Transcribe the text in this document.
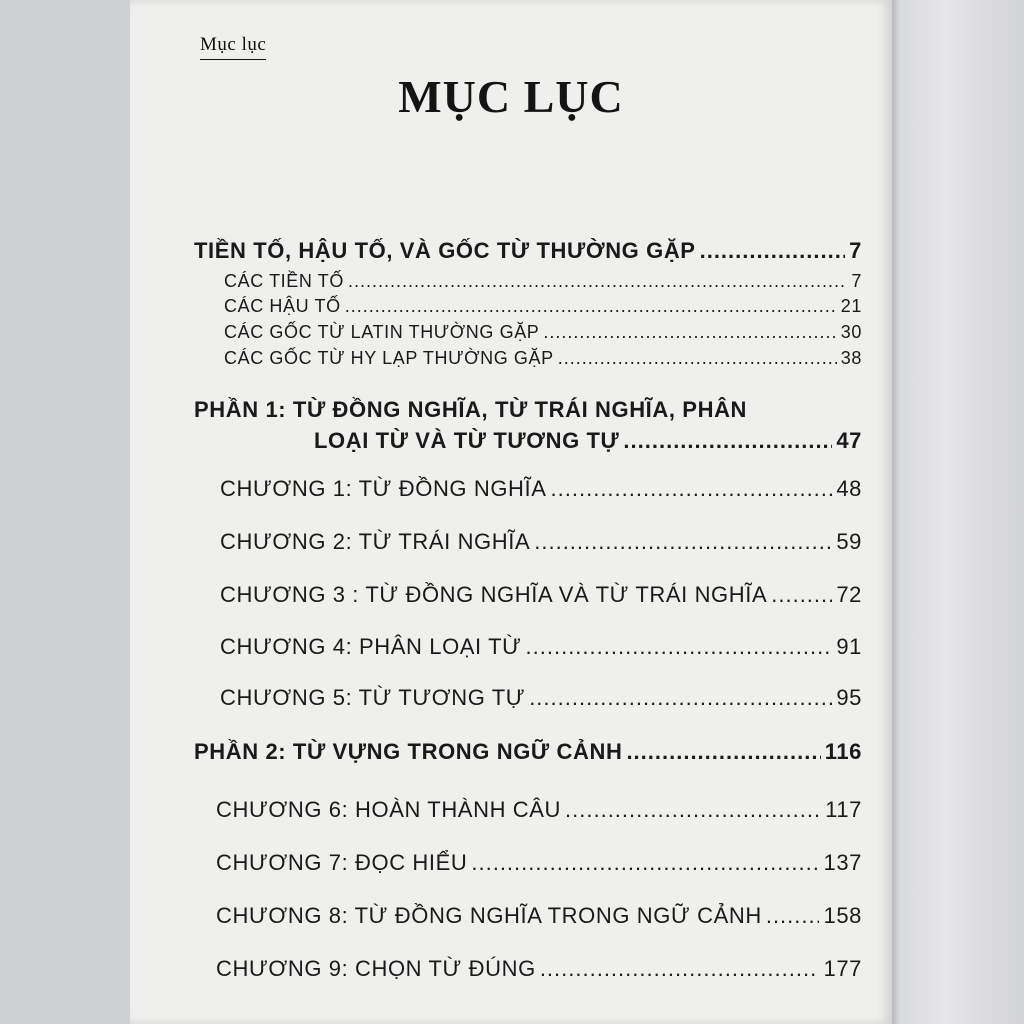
Mục lục
MỤC LỤC
TIỀN TỐ, HẬU TỐ, VÀ GỐC TỪ THƯỜNG GẶP .....	7
CÁC TIỀN TỐ .....	7
CÁC HẬU TỐ .....	21
CÁC GỐC TỪ LATIN THƯỜNG GẶP .....	30
CÁC GỐC TỪ HY LẠP THƯỜNG GẶP .....	38
PHẦN 1: TỪ ĐỒNG NGHĨA, TỪ TRÁI NGHĨA, PHÂN
LOẠI TỪ VÀ TỪ TƯƠNG TỰ .....	47
CHƯƠNG 1: TỪ ĐỒNG NGHĨA .....	48
CHƯƠNG 2: TỪ TRÁI NGHĨA .....	59
CHƯƠNG 3 : TỪ ĐỒNG NGHĨA VÀ TỪ TRÁI NGHĨA .....	72
CHƯƠNG 4: PHÂN LOẠI TỪ .....	91
CHƯƠNG 5: TỪ TƯƠNG TỰ .....	95
PHẦN 2: TỪ VỰNG TRONG NGỮ CẢNH .....	116
CHƯƠNG 6: HOÀN THÀNH CÂU .....	117
CHƯƠNG 7: ĐỌC HIỂU .....	137
CHƯƠNG 8: TỪ ĐỒNG NGHĨA TRONG NGỮ CẢNH .....	158
CHƯƠNG 9: CHỌN TỪ ĐÚNG .....	177
